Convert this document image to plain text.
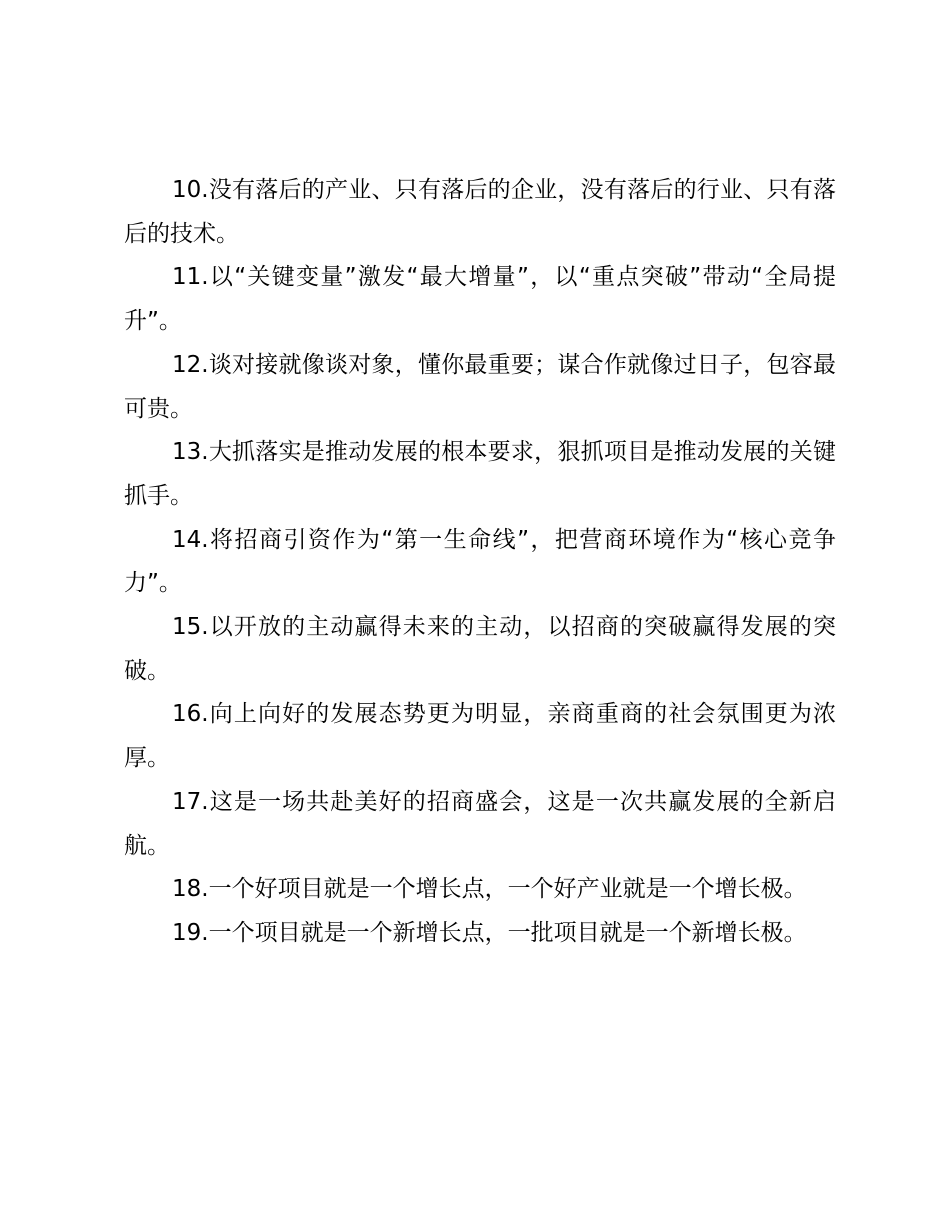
10.没有落后的产业、只有落后的企业，没有落后的行业、只有落后的技术。

11.以“关键变量”激发“最大增量”，以“重点突破”带动“全局提升”。

12.谈对接就像谈对象，懂你最重要；谋合作就像过日子，包容最可贵。

13.大抓落实是推动发展的根本要求，狠抓项目是推动发展的关键抓手。

14.将招商引资作为“第一生命线”，把营商环境作为“核心竞争力”。

15.以开放的主动赢得未来的主动，以招商的突破赢得发展的突破。

16.向上向好的发展态势更为明显，亲商重商的社会氛围更为浓厚。

17.这是一场共赴美好的招商盛会，这是一次共赢发展的全新启航。

18.一个好项目就是一个增长点，一个好产业就是一个增长极。

19.一个项目就是一个新增长点，一批项目就是一个新增长极。
